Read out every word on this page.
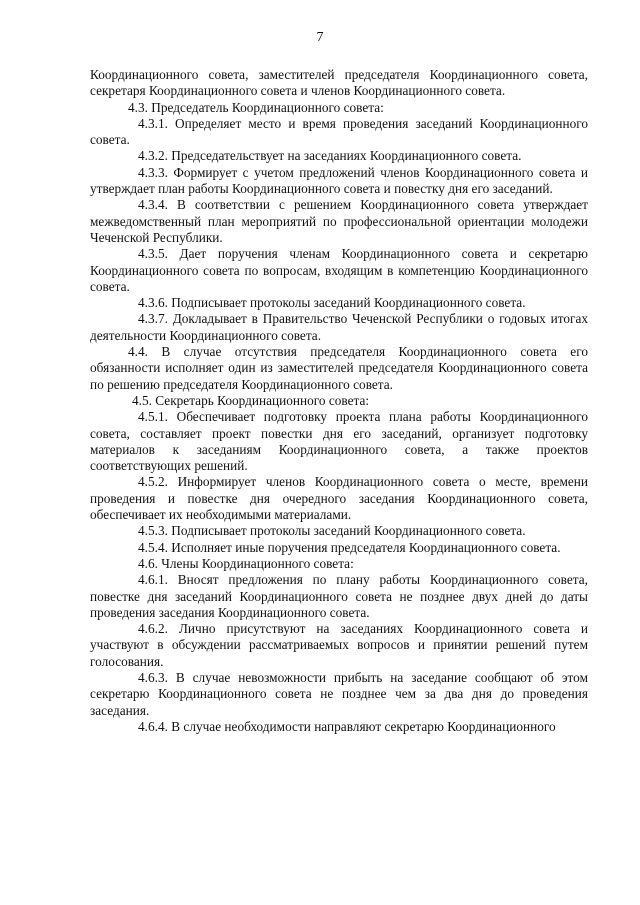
7

Координационного совета, заместителей председателя Координационного совета, секретаря Координационного совета и членов Координационного совета.

4.3. Председатель Координационного совета:

4.3.1. Определяет место и время проведения заседаний Координационного совета.

4.3.2. Председательствует на заседаниях Координационного совета.

4.3.3. Формирует с учетом предложений членов Координационного совета и утверждает план работы Координационного совета и повестку дня его заседаний.

4.3.4. В соответствии с решением Координационного совета утверждает межведомственный план мероприятий по профессиональной ориентации молодежи Чеченской Республики.

4.3.5. Дает поручения членам Координационного совета и секретарю Координационного совета по вопросам, входящим в компетенцию Координационного совета.

4.3.6. Подписывает протоколы заседаний Координационного совета.

4.3.7. Докладывает в Правительство Чеченской Республики о годовых итогах деятельности Координационного совета.

4.4. В случае отсутствия председателя Координационного совета его обязанности исполняет один из заместителей председателя Координационного совета по решению председателя Координационного совета.

4.5. Секретарь Координационного совета:

4.5.1. Обеспечивает подготовку проекта плана работы Координационного совета, составляет проект повестки дня его заседаний, организует подготовку материалов к заседаниям Координационного совета, а также проектов соответствующих решений.

4.5.2. Информирует членов Координационного совета о месте, времени проведения и повестке дня очередного заседания Координационного совета, обеспечивает их необходимыми материалами.

4.5.3. Подписывает протоколы заседаний Координационного совета.

4.5.4. Исполняет иные поручения председателя Координационного совета.

4.6. Члены Координационного совета:

4.6.1. Вносят предложения по плану работы Координационного совета, повестке дня заседаний Координационного совета не позднее двух дней до даты проведения заседания Координационного совета.

4.6.2. Лично присутствуют на заседаниях Координационного совета и участвуют в обсуждении рассматриваемых вопросов и принятии решений путем голосования.

4.6.3. В случае невозможности прибыть на заседание сообщают об этом секретарю Координационного совета не позднее чем за два дня до проведения заседания.

4.6.4. В случае необходимости направляют секретарю Координационного
